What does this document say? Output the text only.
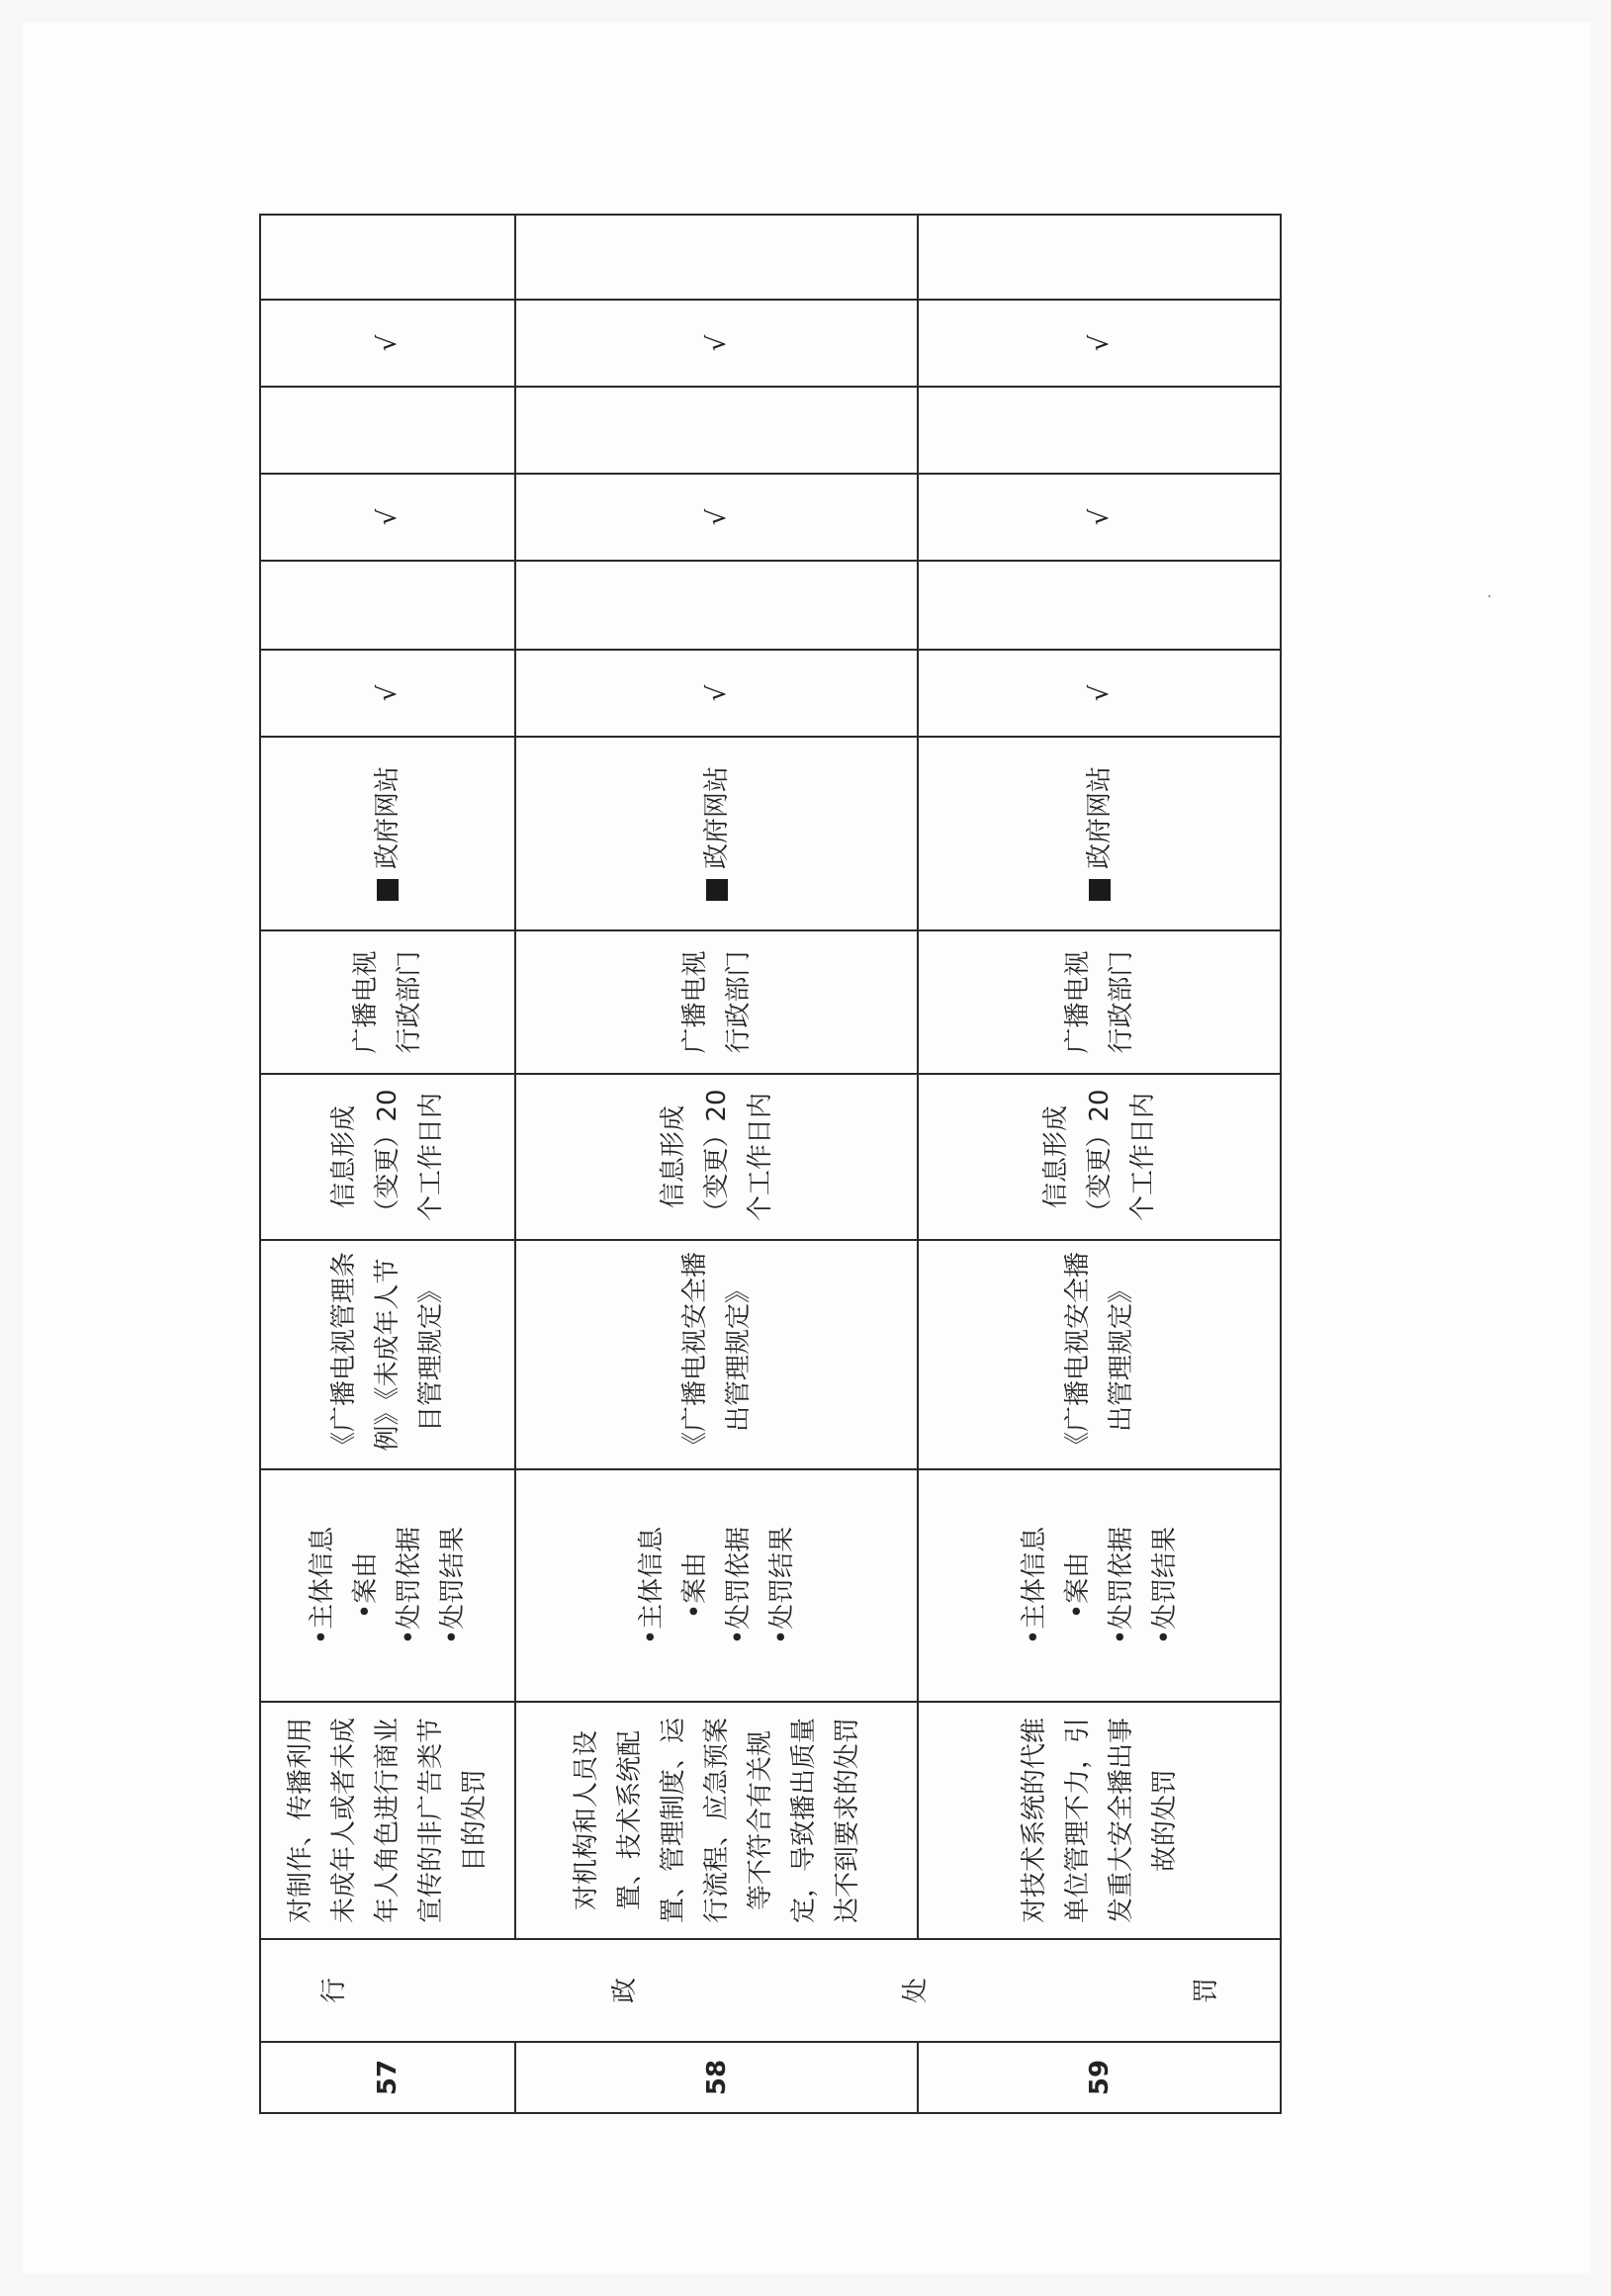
57	行 政 处 罚	对制作、传播利用未成年人或者未成年人角色进行商业宣传的非广告类节目的处罚	•主体信息 •案由 •处罚依据 •处罚结果	《广播电视管理条例》《未成年人节目管理规定》	信息形成（变更）20个工作日内	广播电视行政部门	政府网站	√		√		√	
58		对机构和人员设置、技术系统配置、管理制度、运行流程、应急预案等不符合有关规定，导致播出质量达不到要求的处罚	•主体信息 •案由 •处罚依据 •处罚结果	《广播电视安全播出管理规定》	信息形成（变更）20个工作日内	广播电视行政部门	政府网站	√		√		√	
59		对技术系统的代维单位管理不力，引发重大安全播出事故的处罚	•主体信息 •案由 •处罚依据 •处罚结果	《广播电视安全播出管理规定》	信息形成（变更）20个工作日内	广播电视行政部门	政府网站	√		√		√	
